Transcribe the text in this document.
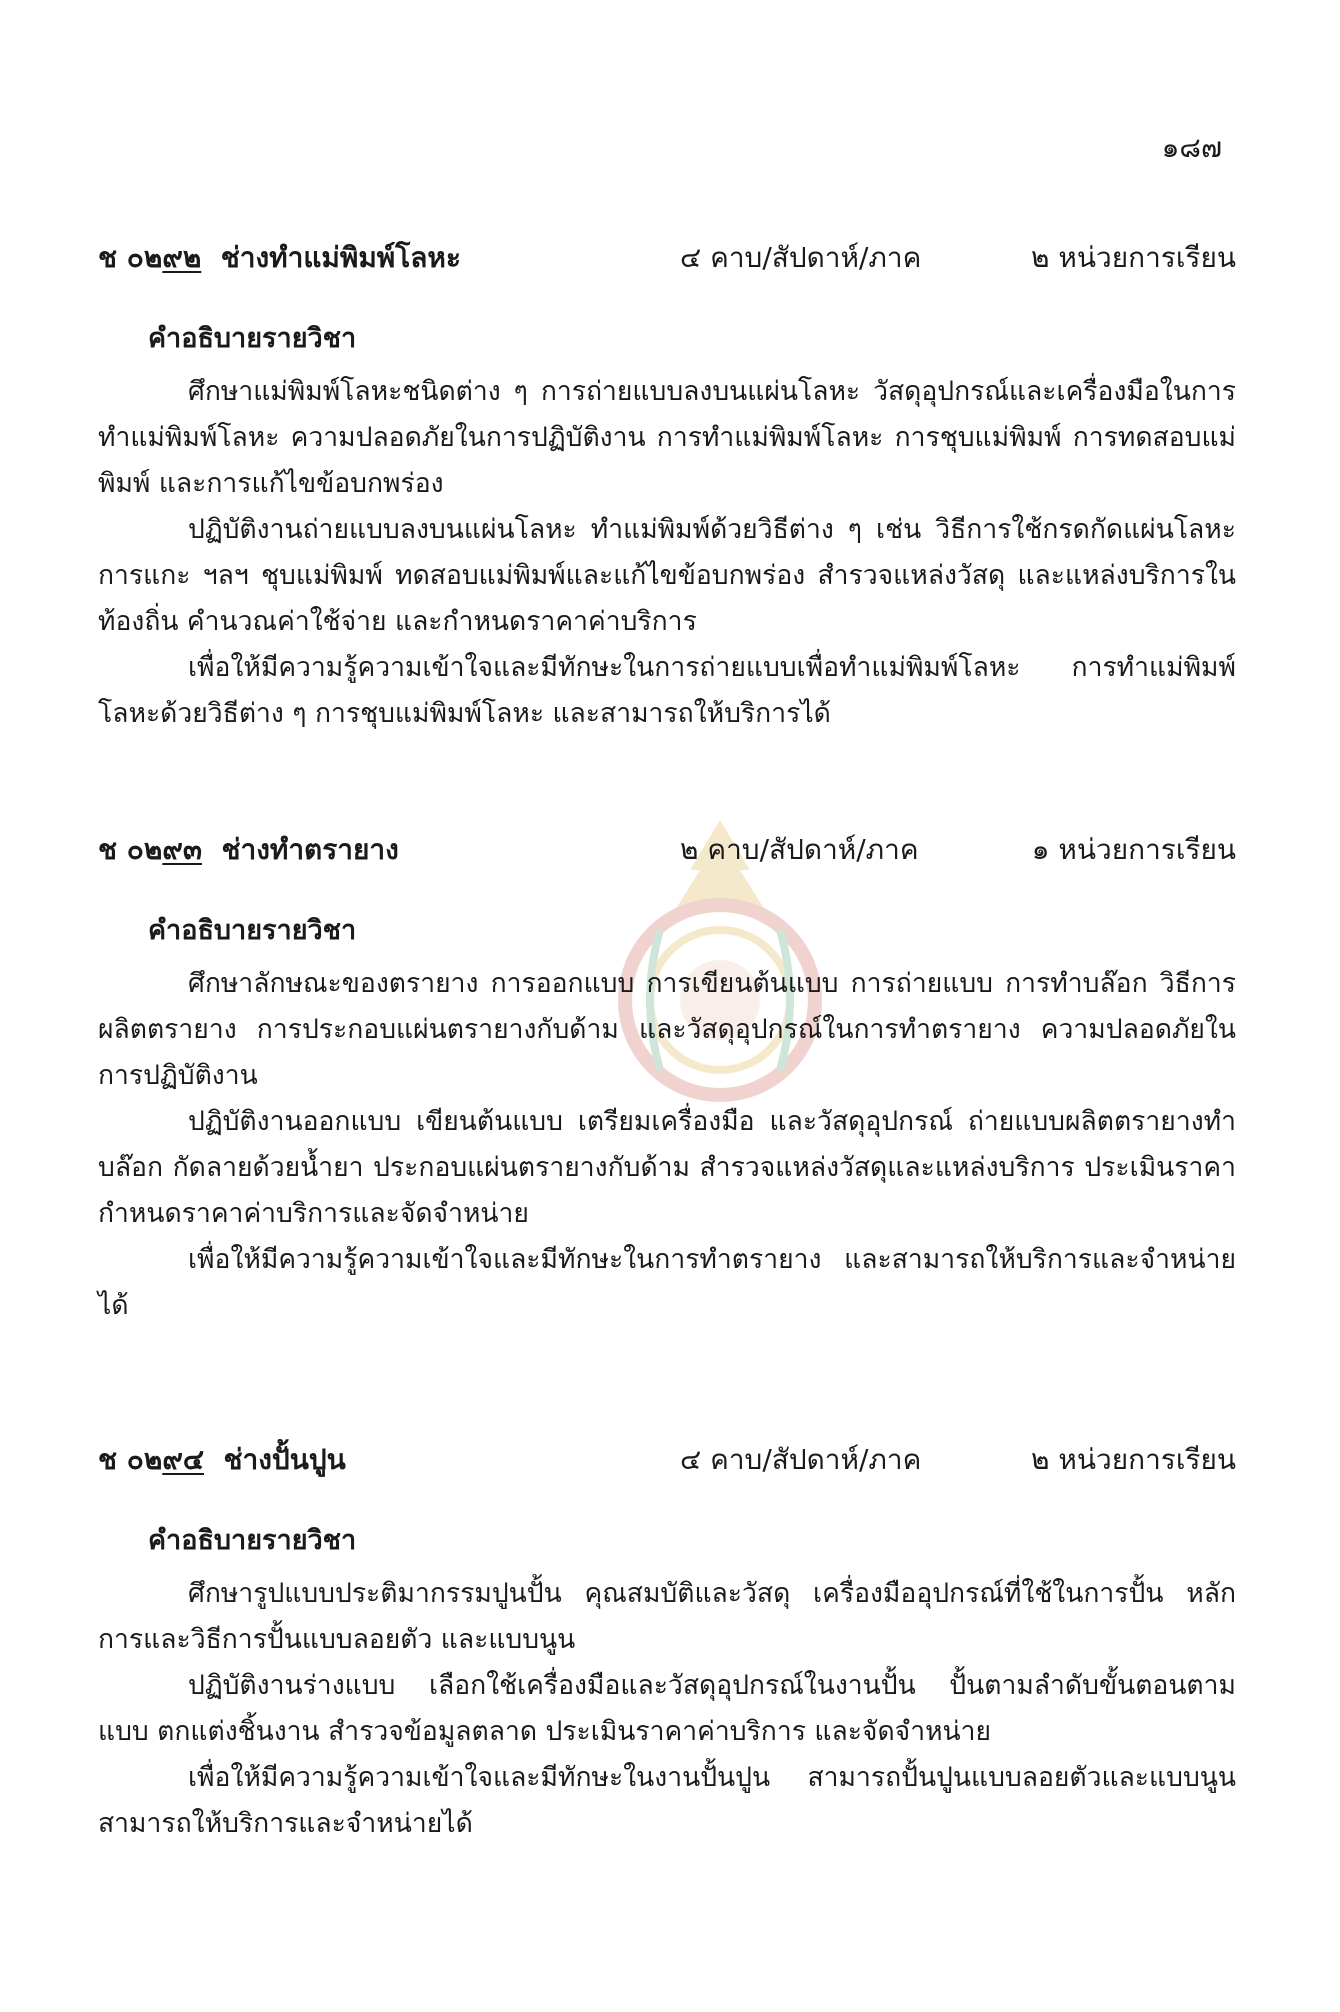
๑๘๗
ช ๐๒๙๒ ช่างทำแม่พิมพ์โลหะ	๔ คาบ/สัปดาห์/ภาค	๒ หน่วยการเรียน
คำอธิบายรายวิชา

ศึกษาแม่พิมพ์โลหะชนิดต่าง ๆ การถ่ายแบบลงบนแผ่นโลหะ วัสดุอุปกรณ์และเครื่องมือในการทำแม่พิมพ์โลหะ ความปลอดภัยในการปฏิบัติงาน การทำแม่พิมพ์โลหะ การชุบแม่พิมพ์ การทดสอบแม่พิมพ์ และการแก้ไขข้อบกพร่อง

ปฏิบัติงานถ่ายแบบลงบนแผ่นโลหะ ทำแม่พิมพ์ด้วยวิธีต่าง ๆ เช่น วิธีการใช้กรดกัดแผ่นโลหะ การแกะ ฯลฯ ชุบแม่พิมพ์ ทดสอบแม่พิมพ์และแก้ไขข้อบกพร่อง สำรวจแหล่งวัสดุ และแหล่งบริการในท้องถิ่น คำนวณค่าใช้จ่าย และกำหนดราคาค่าบริการ

เพื่อให้มีความรู้ความเข้าใจและมีทักษะในการถ่ายแบบเพื่อทำแม่พิมพ์โลหะ การทำแม่พิมพ์โลหะด้วยวิธีต่าง ๆ การชุบแม่พิมพ์โลหะ และสามารถให้บริการได้

ช ๐๒๙๓ ช่างทำตรายาง	๒ คาบ/สัปดาห์/ภาค	๑ หน่วยการเรียน
คำอธิบายรายวิชา

ศึกษาลักษณะของตรายาง การออกแบบ การเขียนต้นแบบ การถ่ายแบบ การทำบล๊อก วิธีการผลิตตรายาง การประกอบแผ่นตรายางกับด้าม และวัสดุอุปกรณ์ในการทำตรายาง ความปลอดภัยในการปฏิบัติงาน

ปฏิบัติงานออกแบบ เขียนต้นแบบ เตรียมเครื่องมือ และวัสดุอุปกรณ์ ถ่ายแบบผลิตตรายางทำบล๊อก กัดลายด้วยน้ำยา ประกอบแผ่นตรายางกับด้าม สำรวจแหล่งวัสดุและแหล่งบริการ ประเมินราคา กำหนดราคาค่าบริการและจัดจำหน่าย

เพื่อให้มีความรู้ความเข้าใจและมีทักษะในการทำตรายาง และสามารถให้บริการและจำหน่ายได้

ช ๐๒๙๔ ช่างปั้นปูน	๔ คาบ/สัปดาห์/ภาค	๒ หน่วยการเรียน
คำอธิบายรายวิชา

ศึกษารูปแบบประติมากรรมปูนปั้น คุณสมบัติและวัสดุ เครื่องมืออุปกรณ์ที่ใช้ในการปั้น หลักการและวิธีการปั้นแบบลอยตัว และแบบนูน

ปฏิบัติงานร่างแบบ เลือกใช้เครื่องมือและวัสดุอุปกรณ์ในงานปั้น ปั้นตามลำดับขั้นตอนตามแบบ ตกแต่งชิ้นงาน สำรวจข้อมูลตลาด ประเมินราคาค่าบริการ และจัดจำหน่าย

เพื่อให้มีความรู้ความเข้าใจและมีทักษะในงานปั้นปูน สามารถปั้นปูนแบบลอยตัวและแบบนูน สามารถให้บริการและจำหน่ายได้
